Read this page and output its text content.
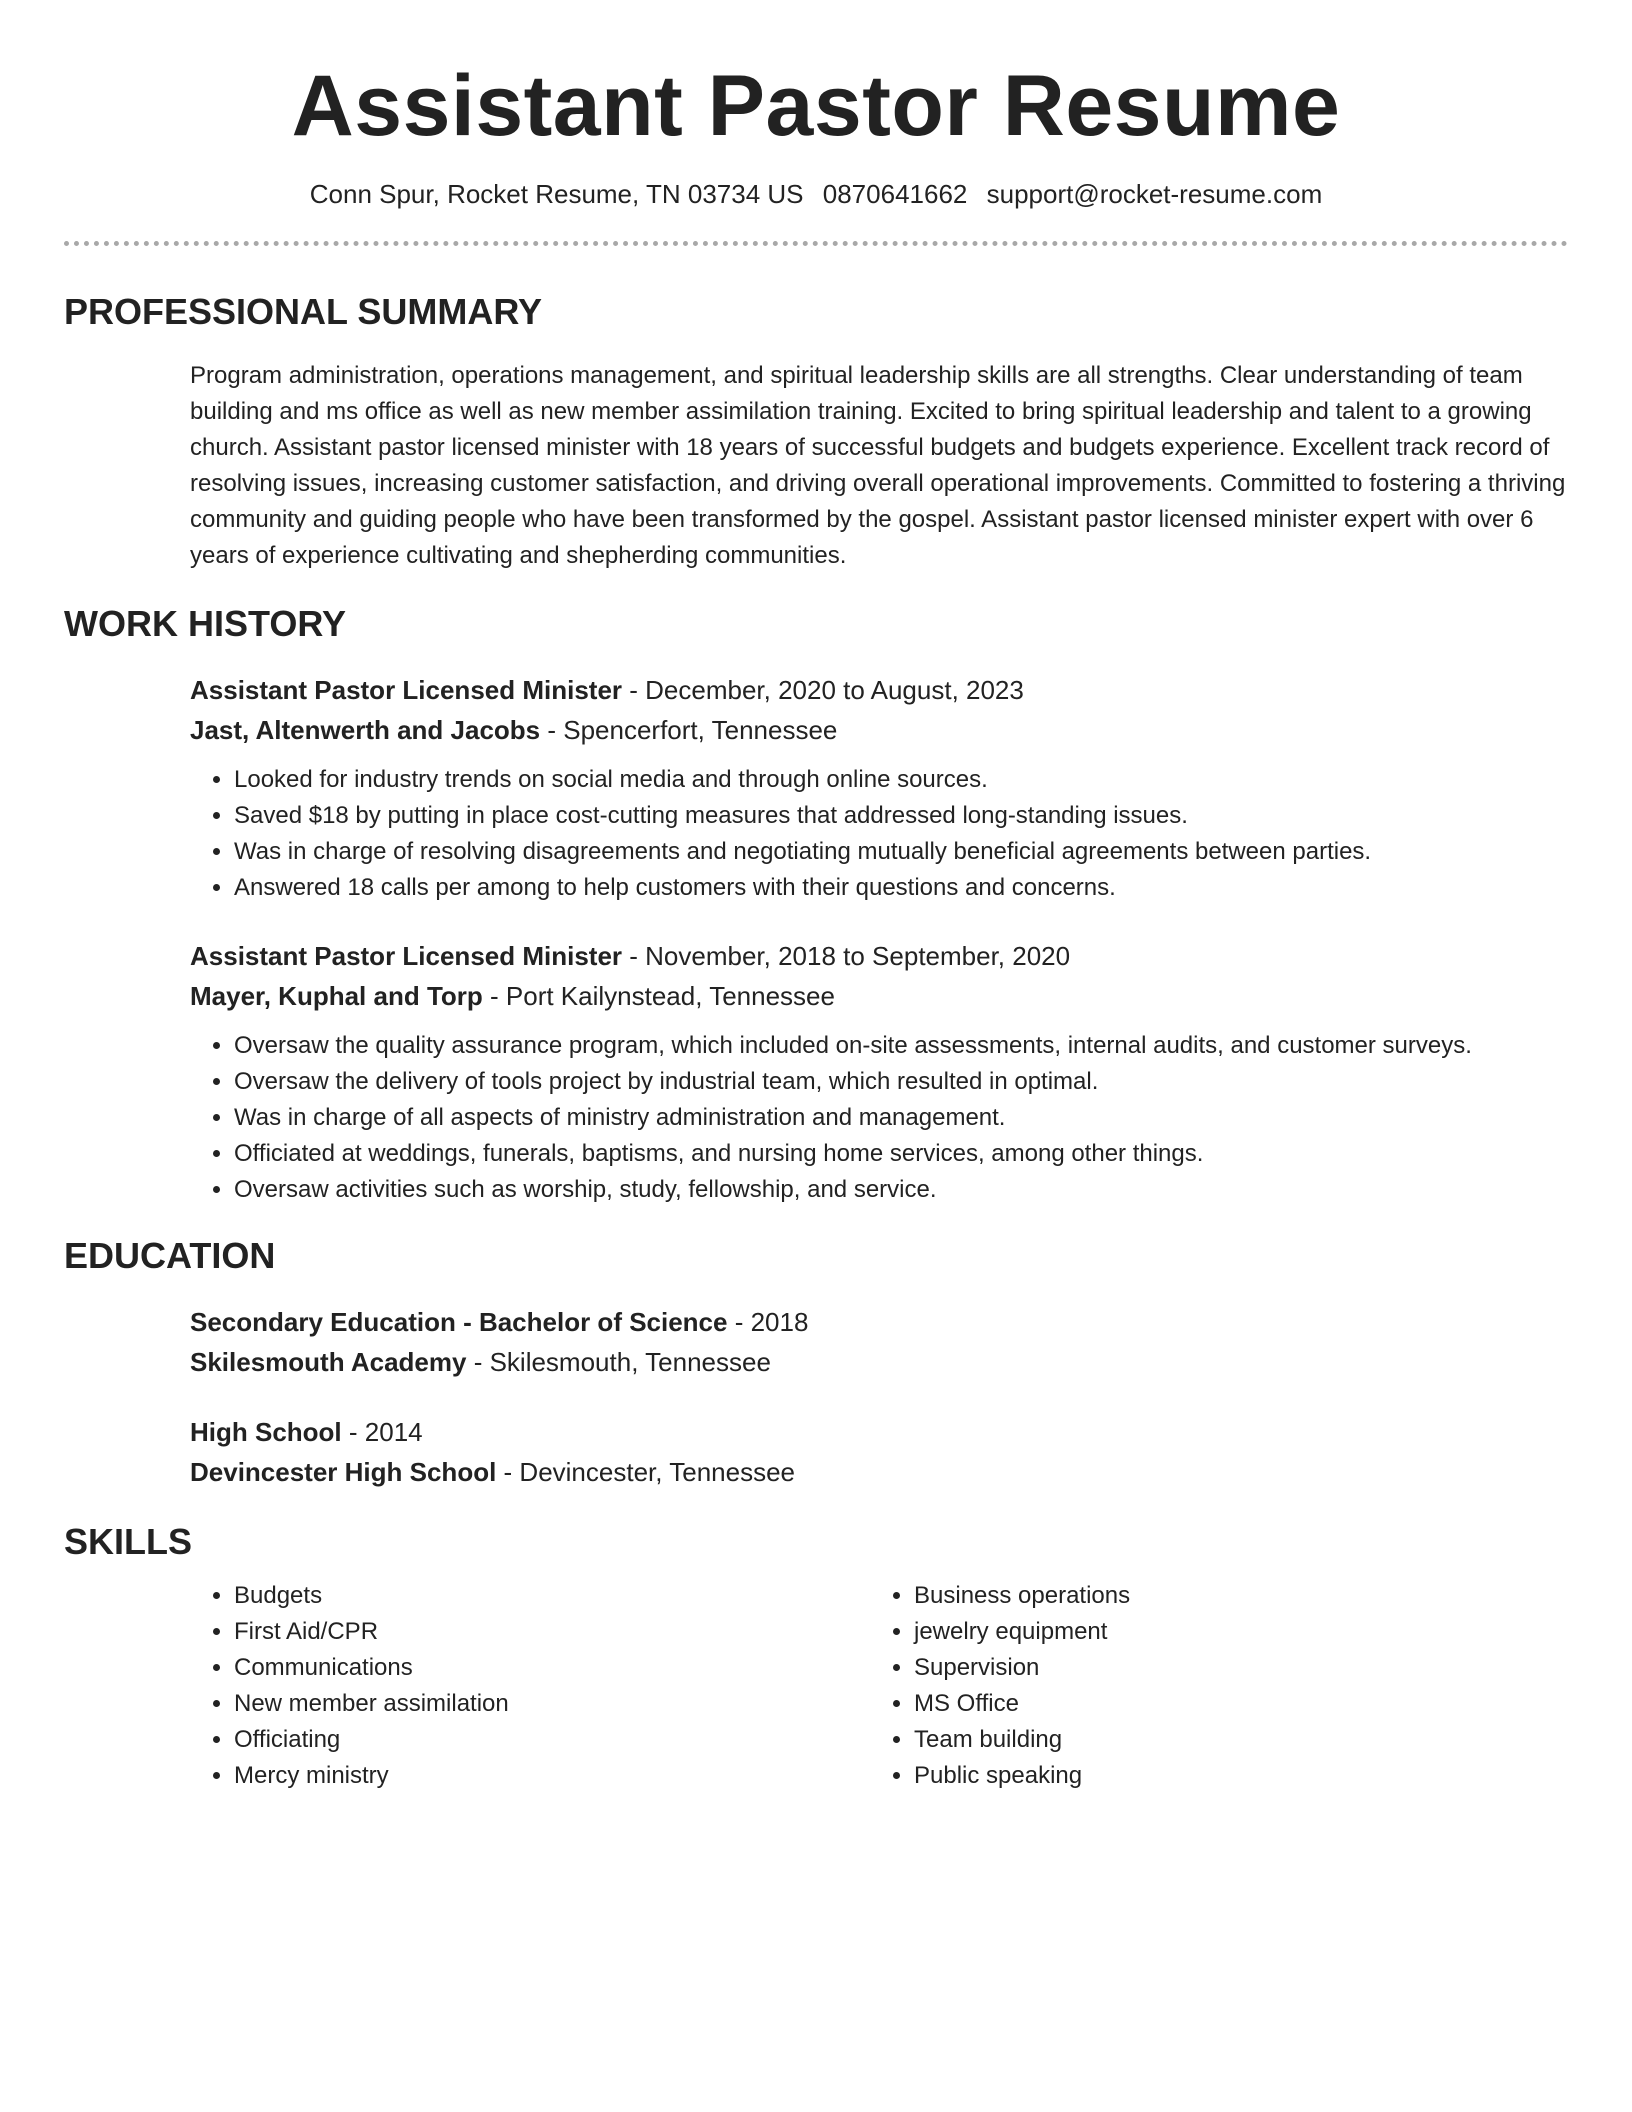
Assistant Pastor Resume
Conn Spur, Rocket Resume, TN 03734 US 0870641662 support@rocket-resume.com
PROFESSIONAL SUMMARY
Program administration, operations management, and spiritual leadership skills are all strengths. Clear understanding of team building and ms office as well as new member assimilation training. Excited to bring spiritual leadership and talent to a growing church. Assistant pastor licensed minister with 18 years of successful budgets and budgets experience. Excellent track record of resolving issues, increasing customer satisfaction, and driving overall operational improvements. Committed to fostering a thriving community and guiding people who have been transformed by the gospel. Assistant pastor licensed minister expert with over 6 years of experience cultivating and shepherding communities.
WORK HISTORY
Assistant Pastor Licensed Minister - December, 2020 to August, 2023
Jast, Altenwerth and Jacobs - Spencerfort, Tennessee
• Looked for industry trends on social media and through online sources.
• Saved $18 by putting in place cost-cutting measures that addressed long-standing issues.
• Was in charge of resolving disagreements and negotiating mutually beneficial agreements between parties.
• Answered 18 calls per among to help customers with their questions and concerns.
Assistant Pastor Licensed Minister - November, 2018 to September, 2020
Mayer, Kuphal and Torp - Port Kailynstead, Tennessee
• Oversaw the quality assurance program, which included on-site assessments, internal audits, and customer surveys.
• Oversaw the delivery of tools project by industrial team, which resulted in optimal.
• Was in charge of all aspects of ministry administration and management.
• Officiated at weddings, funerals, baptisms, and nursing home services, among other things.
• Oversaw activities such as worship, study, fellowship, and service.
EDUCATION
Secondary Education - Bachelor of Science - 2018
Skilesmouth Academy - Skilesmouth, Tennessee
High School - 2014
Devincester High School - Devincester, Tennessee
SKILLS
• Budgets
• First Aid/CPR
• Communications
• New member assimilation
• Officiating
• Mercy ministry
• Business operations
• jewelry equipment
• Supervision
• MS Office
• Team building
• Public speaking
